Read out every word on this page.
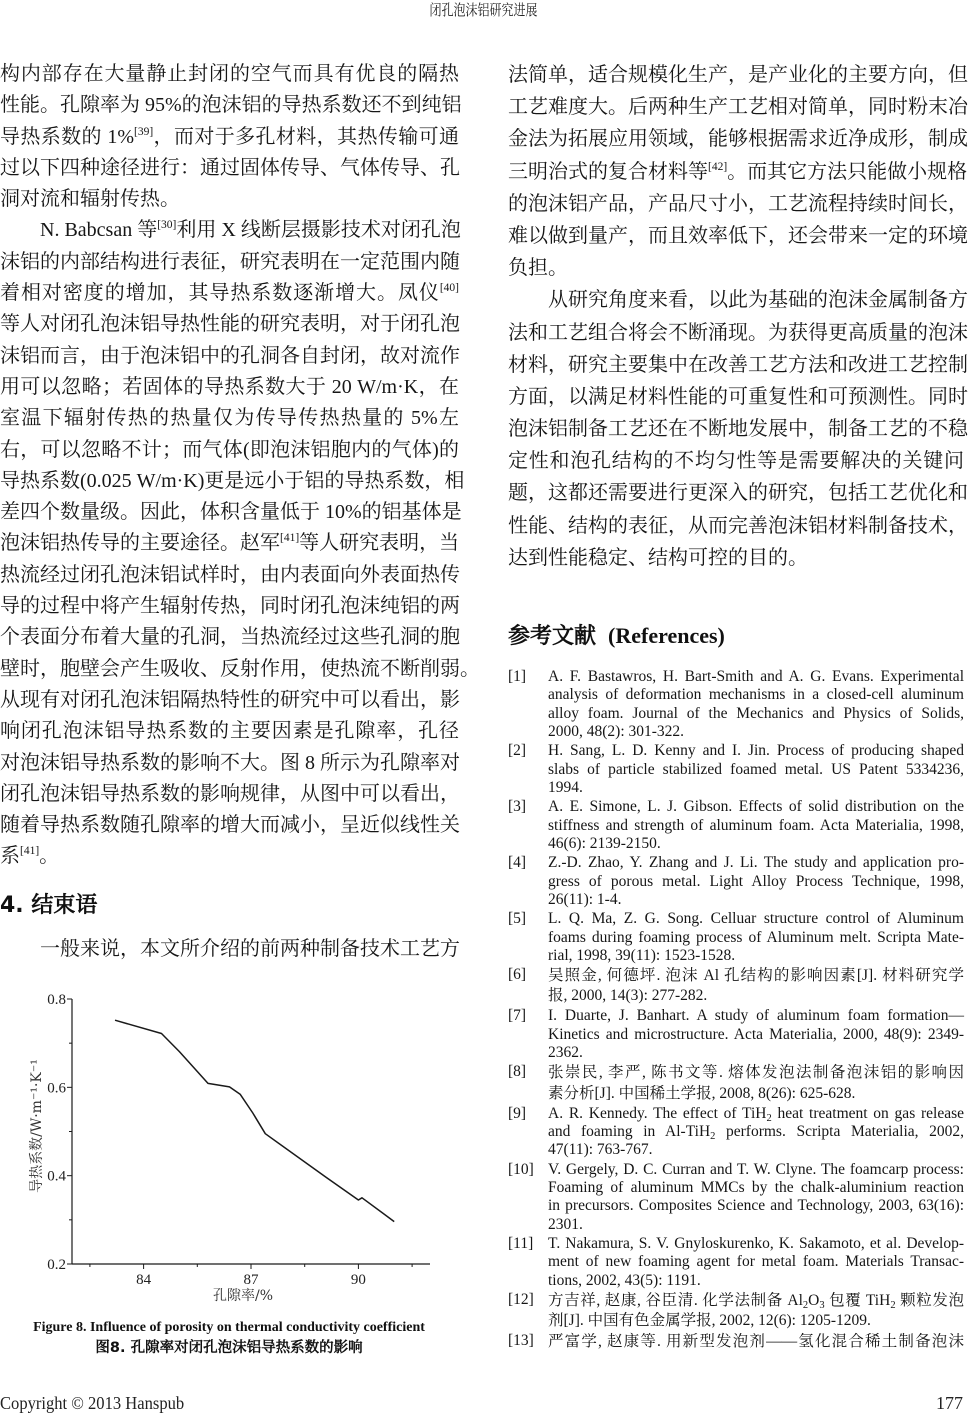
闭孔泡沫铝研究进展
构内部存在大量静止封闭的空气而具有优良的隔热
性能。孔隙率为 95%的泡沫铝的导热系数还不到纯铝
导热系数的 1%[39]，而对于多孔材料，其热传输可通
过以下四种途径进行：通过固体传导、气体传导、孔
洞对流和辐射传热。
N. Babcsan 等[30]利用 X 线断层摄影技术对闭孔泡
沫铝的内部结构进行表征，研究表明在一定范围内随
着相对密度的增加，其导热系数逐渐增大。凤仪[40]
等人对闭孔泡沫铝导热性能的研究表明，对于闭孔泡
沫铝而言，由于泡沫铝中的孔洞各自封闭，故对流作
用可以忽略；若固体的导热系数大于 20 W/m·K，在
室温下辐射传热的热量仅为传导传热热量的 5%左
右，可以忽略不计；而气体(即泡沫铝胞内的气体)的
导热系数(0.025 W/m·K)更是远小于铝的导热系数，相
差四个数量级。因此，体积含量低于 10%的铝基体是
泡沫铝热传导的主要途径。赵军[41]等人研究表明，当
热流经过闭孔泡沫铝试样时，由内表面向外表面热传
导的过程中将产生辐射传热，同时闭孔泡沫纯铝的两
个表面分布着大量的孔洞，当热流经过这些孔洞的胞
壁时，胞壁会产生吸收、反射作用，使热流不断削弱。
从现有对闭孔泡沫铝隔热特性的研究中可以看出，影
响闭孔泡沫铝导热系数的主要因素是孔隙率，孔径
对泡沫铝导热系数的影响不大。图 8 所示为孔隙率对
闭孔泡沫铝导热系数的影响规律，从图中可以看出，
随着导热系数随孔隙率的增大而减小，呈近似线性关
系[41]。
4. 结束语
一般来说，本文所介绍的前两种制备技术工艺方
孔隙率/%
导热系数/W·m⁻¹·K⁻¹
84	87	90
0.2
0.4
0.6
0.8
Figure 8. Influence of porosity on thermal conductivity coefficient
图8. 孔隙率对闭孔泡沫铝导热系数的影响
法简单，适合规模化生产，是产业化的主要方向，但
工艺难度大。后两种生产工艺相对简单，同时粉末冶
金法为拓展应用领域，能够根据需求近净成形，制成
三明治式的复合材料等[42]。而其它方法只能做小规格
的泡沫铝产品，产品尺寸小，工艺流程持续时间长，
难以做到量产，而且效率低下，还会带来一定的环境
负担。
从研究角度来看，以此为基础的泡沫金属制备方
法和工艺组合将会不断涌现。为获得更高质量的泡沫
材料，研究主要集中在改善工艺方法和改进工艺控制
方面，以满足材料性能的可重复性和可预测性。同时
泡沫铝制备工艺还在不断地发展中，制备工艺的不稳
定性和泡孔结构的不均匀性等是需要解决的关键问
题，这都还需要进行更深入的研究，包括工艺优化和
性能、结构的表征，从而完善泡沫铝材料制备技术，
达到性能稳定、结构可控的目的。
参考文献 (References)
[1] A. F. Bastawros, H. Bart-Smith and A. G. Evans. Experimental
analysis of deformation mechanisms in a closed-cell aluminum
alloy foam. Journal of the Mechanics and Physics of Solids,
2000, 48(2): 301-322.
[2] H. Sang, L. D. Kenny and I. Jin. Process of producing shaped
slabs of particle stabilized foamed metal. US Patent 5334236,
1994.
[3] A. E. Simone, L. J. Gibson. Effects of solid distribution on the
stiffness and strength of aluminum foam. Acta Materialia, 1998,
46(6): 2139-2150.
[4] Z.-D. Zhao, Y. Zhang and J. Li. The study and application pro-
gress of porous metal. Light Alloy Process Technique, 1998,
26(11): 1-4.
[5] L. Q. Ma, Z. G. Song. Celluar structure control of Aluminum
foams during foaming process of Aluminum melt. Scripta Mate-
rial, 1998, 39(11): 1523-1528.
[6] 吴照金, 何德坪. 泡沫 Al 孔结构的影响因素[J]. 材料研究学
报, 2000, 14(3): 277-282.
[7] I. Duarte, J. Banhart. A study of aluminum foam formation—
Kinetics and microstructure. Acta Materialia, 2000, 48(9): 2349-
2362.
[8] 张崇民, 李严, 陈书文等. 熔体发泡法制备泡沫铝的影响因
素分析[J]. 中国稀土学报, 2008, 8(26): 625-628.
[9] A. R. Kennedy. The effect of TiH$_2$ heat treatment on gas release
and foaming in Al-TiH$_2$ performs. Scripta Materialia, 2002,
47(11): 763-767.
[10] V. Gergely, D. C. Curran and T. W. Clyne. The foamcarp process:
Foaming of aluminum MMCs by the chalk-aluminium reaction
in precursors. Composites Science and Technology, 2003, 63(16):
2301.
[11] T. Nakamura, S. V. Gnyloskurenko, K. Sakamoto, et al. Develop-
ment of new foaming agent for metal foam. Materials Transac-
tions, 2002, 43(5): 1191.
[12] 方吉祥, 赵康, 谷臣清. 化学法制备 $Al_2O_3$ 包覆 TiH$_2$ 颗粒发泡
剂[J]. 中国有色金属学报, 2002, 12(6): 1205-1209.
[13] 严富学, 赵康等. 用新型发泡剂——氢化混合稀土制备泡沫
Copyright © 2013 Hanspub	177
